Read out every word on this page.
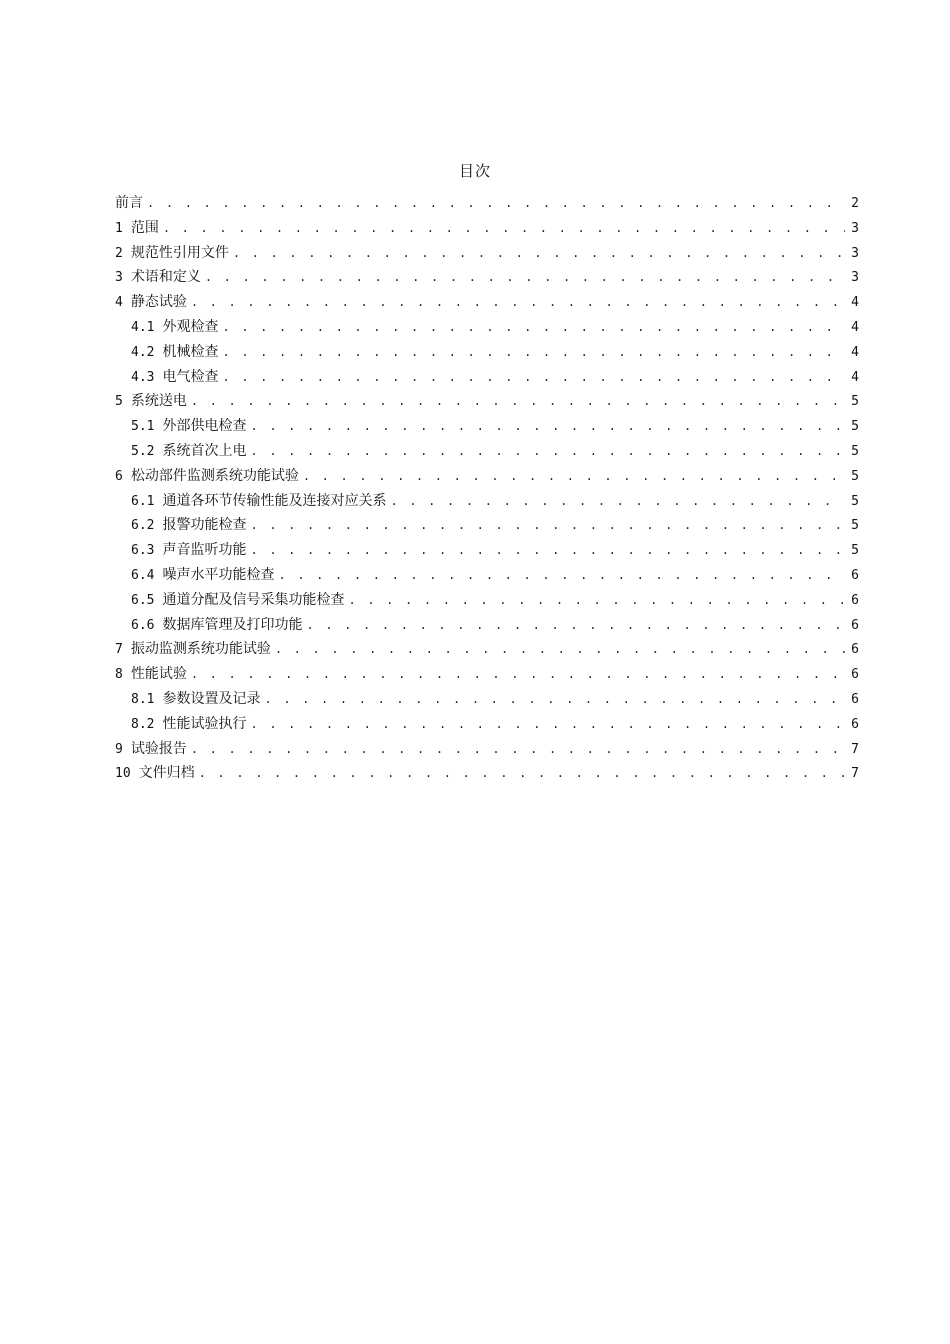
目次
前言 . . .	2
1 范围 . . .	3
2 规范性引用文件 . . .	3
3 术语和定义 . . .	3
4 静态试验 . . .	4
4.1 外观检查 . . .	4
4.2 机械检查 . . .	4
4.3 电气检查 . . .	4
5 系统送电 . . .	5
5.1 外部供电检查 . . .	5
5.2 系统首次上电 . . .	5
6 松动部件监测系统功能试验 . . .	5
6.1 通道各环节传输性能及连接对应关系 . . .	5
6.2 报警功能检查 . . .	5
6.3 声音监听功能 . . .	5
6.4 噪声水平功能检查 . . .	6
6.5 通道分配及信号采集功能检查 . . .	6
6.6 数据库管理及打印功能 . . .	6
7 振动监测系统功能试验 . . .	6
8 性能试验 . . .	6
8.1 参数设置及记录 . . .	6
8.2 性能试验执行 . . .	6
9 试验报告 . . .	7
10 文件归档 . . .	7
